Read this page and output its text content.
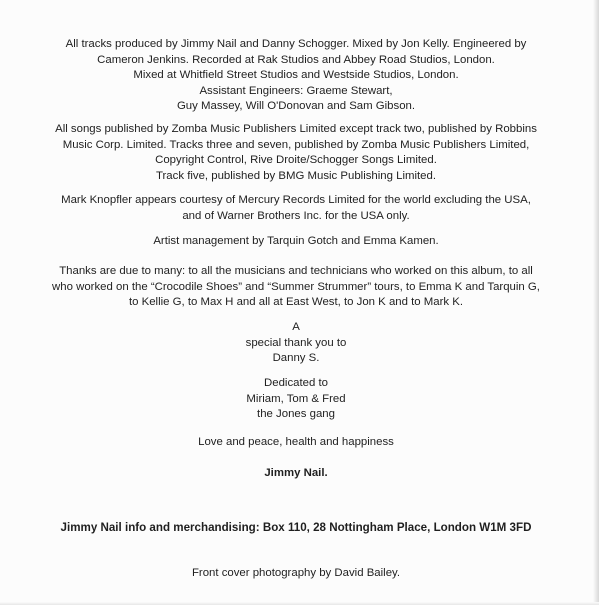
All tracks produced by Jimmy Nail and Danny Schogger. Mixed by Jon Kelly. Engineered by

Cameron Jenkins. Recorded at Rak Studios and Abbey Road Studios, London.

Mixed at Whitfield Street Studios and Westside Studios, London.

Assistant Engineers: Graeme Stewart,

Guy Massey, Will O'Donovan and Sam Gibson.

All songs published by Zomba Music Publishers Limited except track two, published by Robbins

Music Corp. Limited. Tracks three and seven, published by Zomba Music Publishers Limited,

Copyright Control, Rive Droite/Schogger Songs Limited.

Track five, published by BMG Music Publishing Limited.

Mark Knopfler appears courtesy of Mercury Records Limited for the world excluding the USA,

and of Warner Brothers Inc. for the USA only.

Artist management by Tarquin Gotch and Emma Kamen.

Thanks are due to many: to all the musicians and technicians who worked on this album, to all

who worked on the “Crocodile Shoes” and “Summer Strummer” tours, to Emma K and Tarquin G,

to Kellie G, to Max H and all at East West, to Jon K and to Mark K.

A

special thank you to

Danny S.

Dedicated to

Miriam, Tom & Fred

the Jones gang

Love and peace, health and happiness

Jimmy Nail.

Jimmy Nail info and merchandising: Box 110, 28 Nottingham Place, London W1M 3FD

Front cover photography by David Bailey.
